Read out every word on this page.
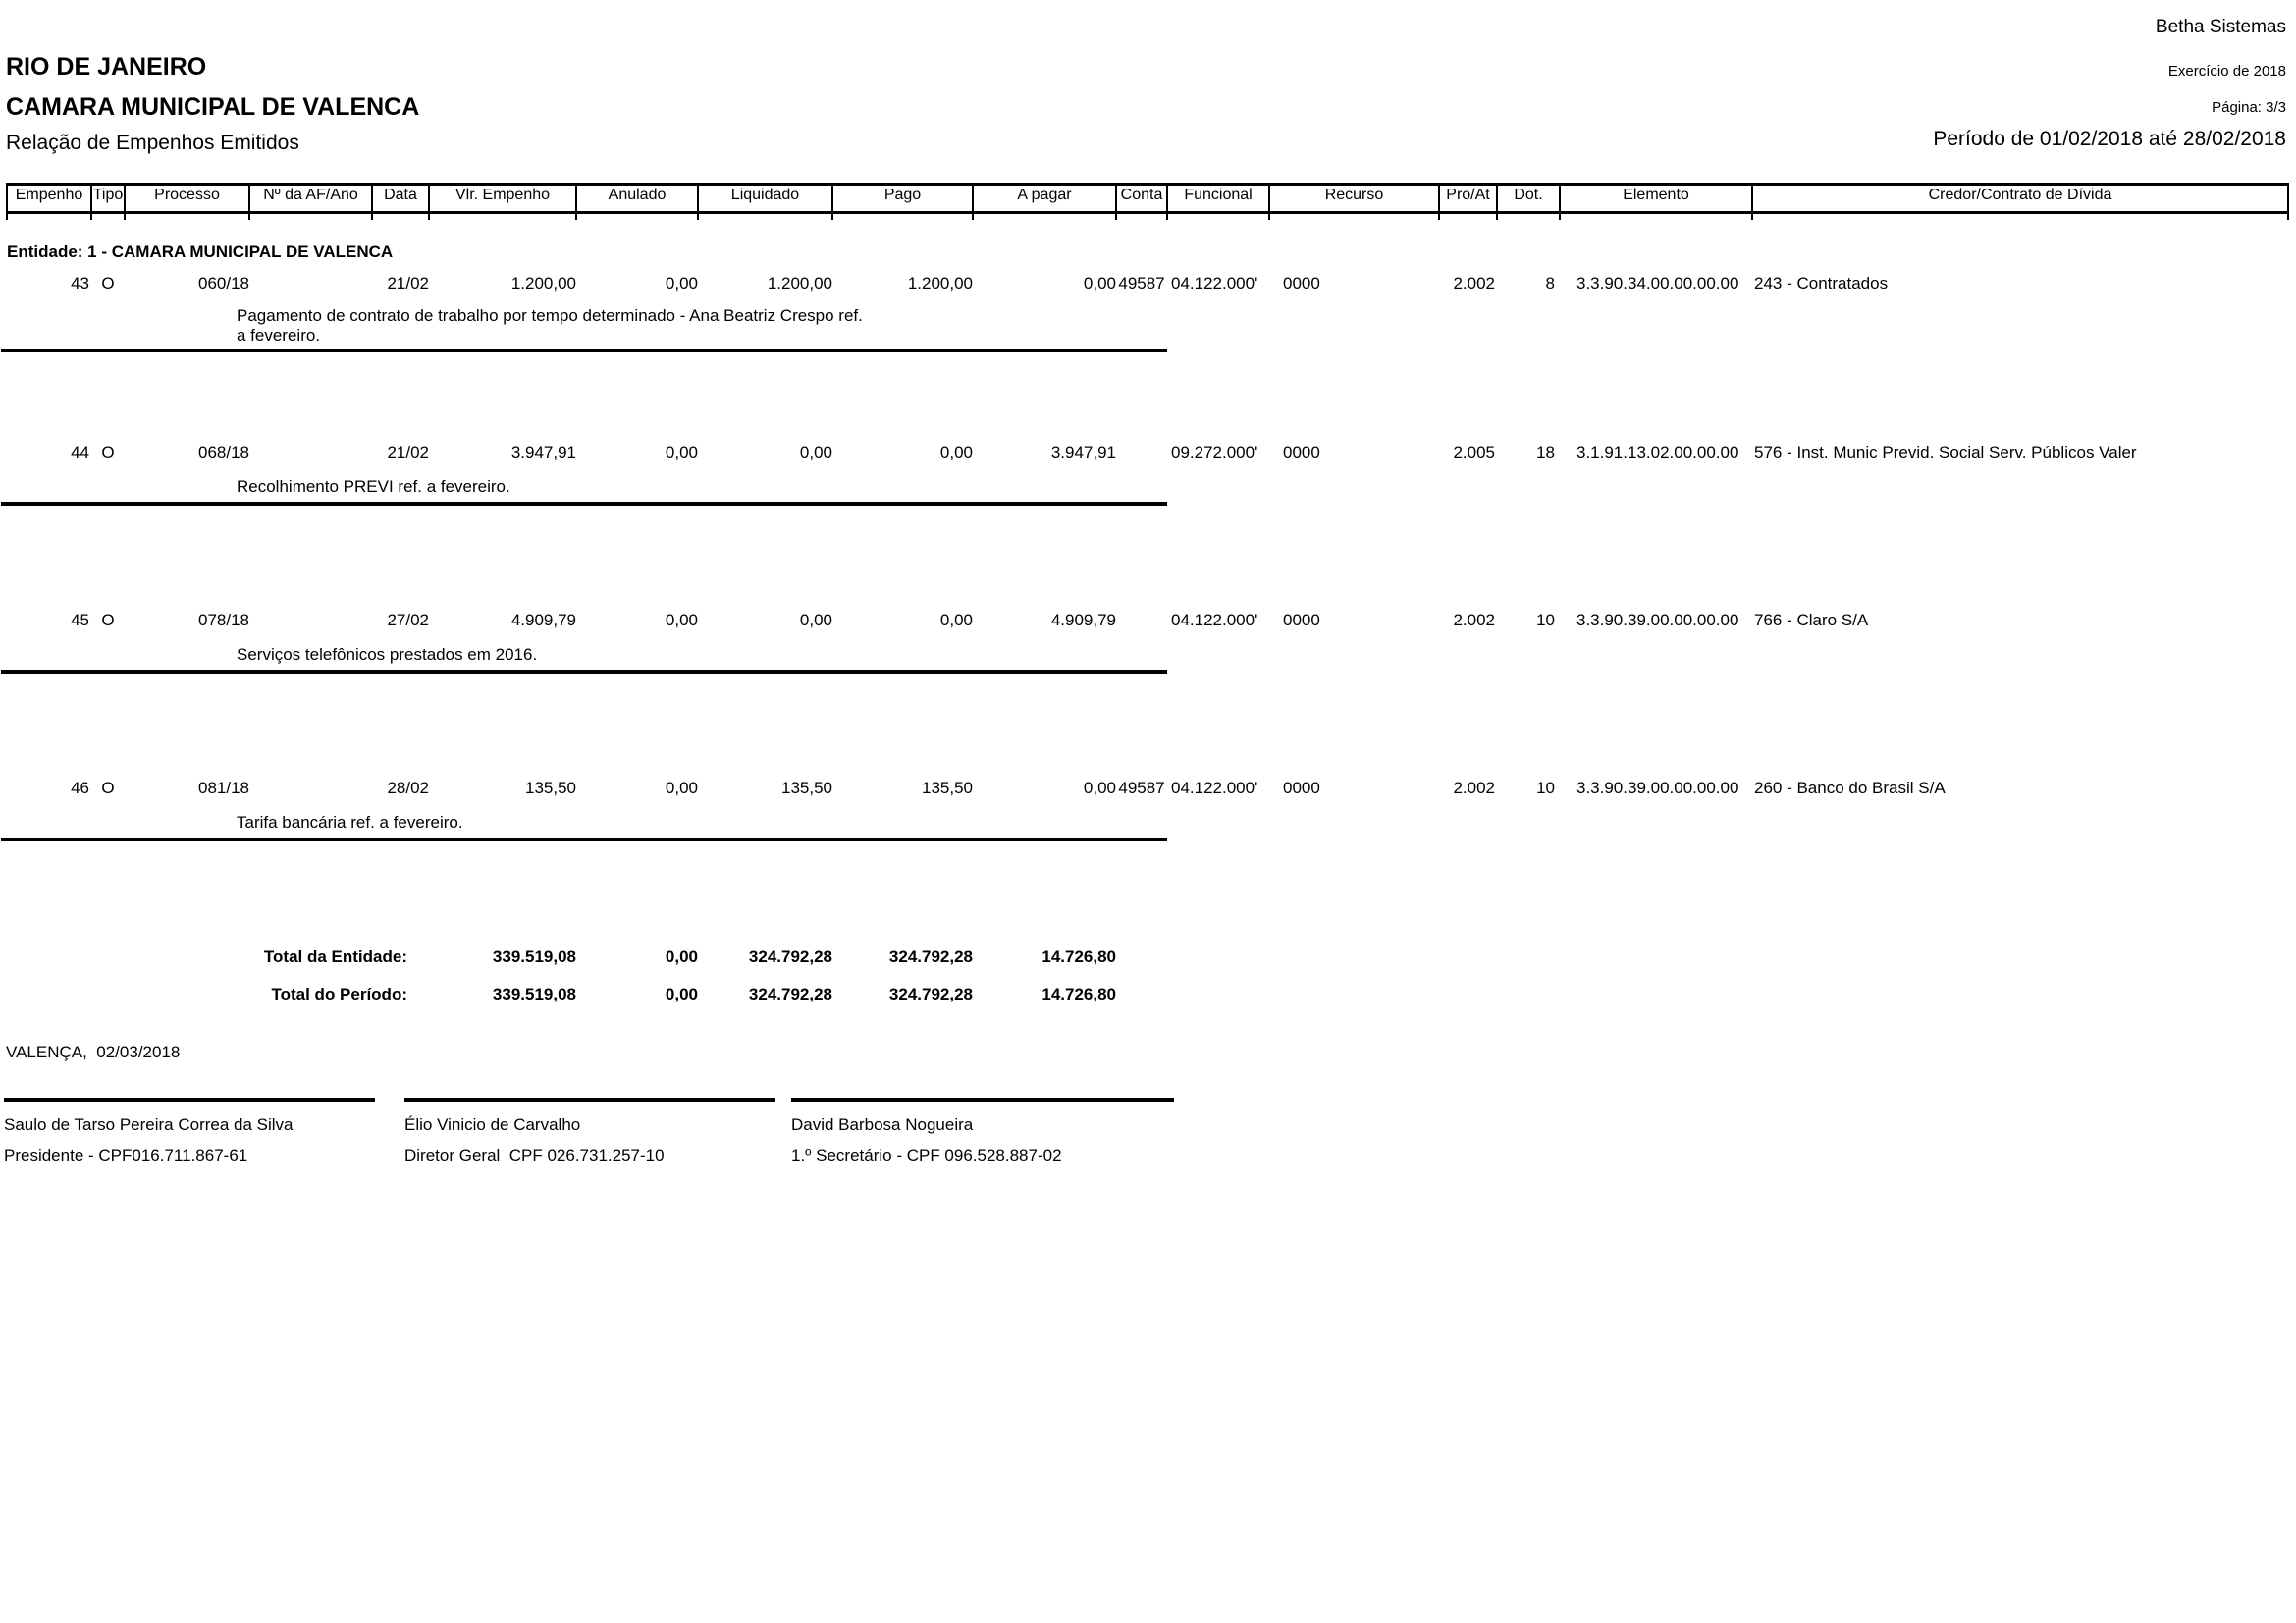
Betha Sistemas
RIO DE JANEIRO	Exercício de 2018
CAMARA MUNICIPAL DE VALENCA	Página: 3/3
Relação de Empenhos Emitidos	Período de 01/02/2018 até 28/02/2018
Empenho	Tipo	Processo	Nº da AF/Ano	Data	Vlr. Empenho	Anulado	Liquidado	Pago	A pagar	Conta	Funcional	Recurso	Pro/At	Dot.	Elemento	Credor/Contrato de Dívida

Entidade: 1 - CAMARA MUNICIPAL DE VALENCA																
43	O	060/18		21/02	1.200,00	0,00	1.200,00	1.200,00	0,00	49587	04.122.000'	0000	2.002	8	3.3.90.34.00.00.00.00	243 - Contratados

Pagamento de contrato de trabalho por tempo determinado - Ana Beatriz Crespo ref. a fevereiro.																

44	O	068/18		21/02	3.947,91	0,00	0,00	0,00	3.947,91		09.272.000'	0000	2.005	18	3.1.91.13.02.00.00.00	576 - Inst. Munic Previd. Social Serv. Públicos Valer

Recolhimento PREVI ref. a fevereiro.																

45	O	078/18		27/02	4.909,79	0,00	0,00	0,00	4.909,79		04.122.000'	0000	2.002	10	3.3.90.39.00.00.00.00	766 - Claro S/A

Serviços telefônicos prestados em 2016.																

46	O	081/18		28/02	135,50	0,00	135,50	135,50	0,00	49587	04.122.000'	0000	2.002	10	3.3.90.39.00.00.00.00	260 - Banco do Brasil S/A

Tarifa bancária ref. a fevereiro.																

Total da Entidade:					339.519,08	0,00	324.792,28	324.792,28	14.726,80							
Total do Período:					339.519,08	0,00	324.792,28	324.792,28	14.726,80							
VALENÇA,  02/03/2018
Saulo de Tarso Pereira Correa da Silva
Presidente - CPF016.711.867-61
Élio Vinicio de Carvalho
Diretor Geral  CPF 026.731.257-10
David Barbosa Nogueira
1.º Secretário - CPF 096.528.887-02
